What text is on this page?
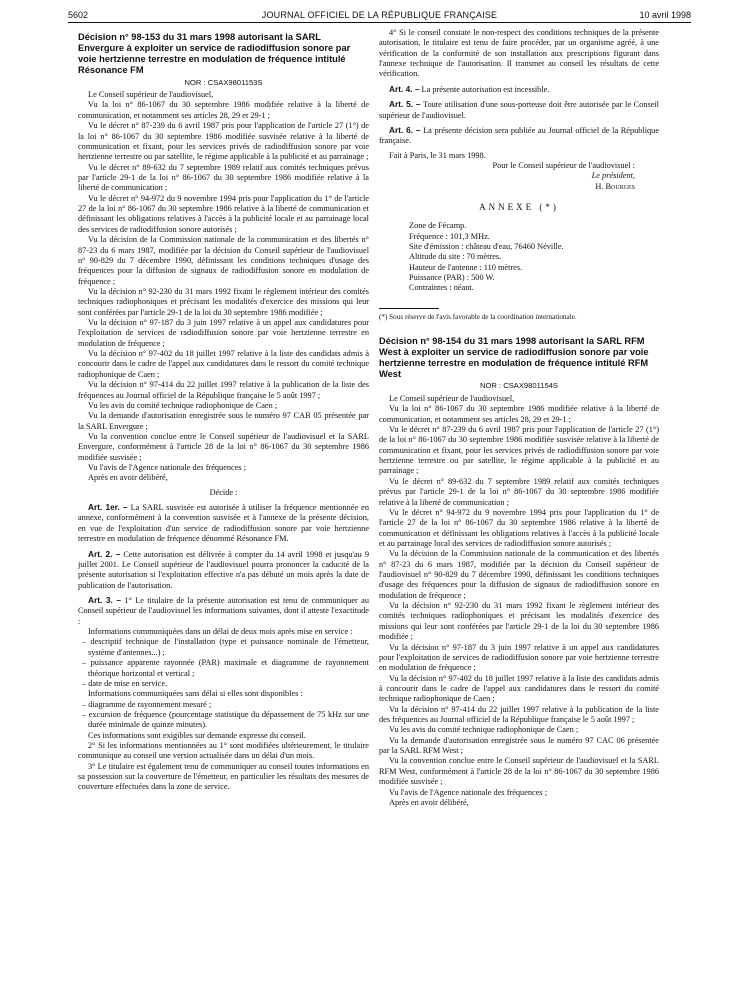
5602	JOURNAL OFFICIEL DE LA RÉPUBLIQUE FRANÇAISE	10 avril 1998
Décision n° 98-153 du 31 mars 1998 autorisant la SARL Envergure à exploiter un service de radiodiffusion sonore par voie hertzienne terrestre en modulation de fréquence intitulé Résonance FM
NOR : CSAX9801153S

Le Conseil supérieur de l'audiovisuel,

Vu la loi n° 86-1067 du 30 septembre 1986 modifiée relative à la liberté de communication, et notamment ses articles 28, 29 et 29-1 ;

Vu le décret n° 87-239 du 6 avril 1987 pris pour l'application de l'article 27 (1°) de la loi n° 86-1067 du 30 septembre 1986 modifiée susvisée relative à la liberté de communication et fixant, pour les services privés de radiodiffusion sonore par voie hertzienne terrestre ou par satellite, le régime applicable à la publicité et au parrainage ;

Vu le décret n° 89-632 du 7 septembre 1989 relatif aux comités techniques prévus par l'article 29-1 de la loi n° 86-1067 du 30 septembre 1986 modifiée relative à la liberté de communication ;

Vu le décret n° 94-972 du 9 novembre 1994 pris pour l'application du 1° de l'article 27 de la loi n° 86-1067 du 30 septembre 1986 relative à la liberté de communication et définissant les obligations relatives à l'accès à la publicité locale et au parrainage local des services de radiodiffusion sonore autorisés ;

Vu la décision de la Commission nationale de la communication et des libertés n° 87-23 du 6 mars 1987, modifiée par la décision du Conseil supérieur de l'audiovisuel n° 90-829 du 7 décembre 1990, définissant les conditions techniques d'usage des fréquences pour la diffusion de signaux de radiodiffusion sonore en modulation de fréquence ;

Vu la décision n° 92-230 du 31 mars 1992 fixant le règlement intérieur des comités techniques radiophoniques et précisant les modalités d'exercice des missions qui leur sont conférées par l'article 29-1 de la loi du 30 septembre 1986 modifiée ;

Vu la décision n° 97-187 du 3 juin 1997 relative à un appel aux candidatures pour l'exploitation de services de radiodiffusion sonore par voie hertzienne terrestre en modulation de fréquence ;

Vu la décision n° 97-402 du 18 juillet 1997 relative à la liste des candidats admis à concourir dans le cadre de l'appel aux candidatures dans le ressort du comité technique radiophonique de Caen ;

Vu la décision n° 97-414 du 22 juillet 1997 relative à la publication de la liste des fréquences au Journal officiel de la République française le 5 août 1997 ;

Vu les avis du comité technique radiophonique de Caen ;

Vu la demande d'autorisation enregistrée sous le numéro 97 CAB 05 présentée par la SARL Envergure ;

Vu la convention conclue entre le Conseil supérieur de l'audiovisuel et la SARL Envergure, conformément à l'article 28 de la loi n° 86-1067 du 30 septembre 1986 modifiée susvisée ;

Vu l'avis de l'Agence nationale des fréquences ;

Après en avoir délibéré,

Décide :

Art. 1er. – La SARL susvisée est autorisée à utiliser la fréquence mentionnée en annexe, conformément à la convention susvisée et à l'annexe de la présente décision, en vue de l'exploitation d'un service de radiodiffusion sonore par voie hertzienne terrestre en modulation de fréquence dénommé Résonance FM.

Art. 2. – Cette autorisation est délivrée à compter du 14 avril 1998 et jusqu'au 9 juillet 2001. Le Conseil supérieur de l'audiovisuel pourra prononcer la caducité de la présente autorisation si l'exploitation effective n'a pas débuté un mois après la date de publication de l'autorisation.

Art. 3. – 1° Le titulaire de la présente autorisation est tenu de communiquer au Conseil supérieur de l'audiovisuel les informations suivantes, dont il atteste l'exactitude :

Informations communiquées dans un délai de deux mois après mise en service :

– descriptif technique de l'installation (type et puissance nominale de l'émetteur, système d'antennes...) ;

– puissance apparente rayonnée (PAR) maximale et diagramme de rayonnement théorique horizontal et vertical ;

– date de mise en service.

Informations communiquées sans délai si elles sont disponibles :

– diagramme de rayonnement mesuré ;

– excursion de fréquence (pourcentage statistique du dépassement de 75 kHz sur une durée minimale de quinze minutes).

Ces informations sont exigibles sur demande expresse du conseil.

2° Si les informations mentionnées au 1° sont modifiées ultérieurement, le titulaire communique au conseil une version actualisée dans un délai d'un mois.

3° Le titulaire est également tenu de communiquer au conseil toutes informations en sa possession sur la couverture de l'émetteur, en particulier les résultats des mesures de couverture effectuées dans la zone de service.

4° Si le conseil constate le non-respect des conditions techniques de la présente autorisation, le titulaire est tenu de faire procéder, par un organisme agréé, à une vérification de la conformité de son installation aux prescriptions figurant dans l'annexe technique de l'autorisation. Il transmet au conseil les résultats de cette vérification.

Art. 4. – La présente autorisation est incessible.

Art. 5. – Toute utilisation d'une sous-porteuse doit être autorisée par le Conseil supérieur de l'audiovisuel.

Art. 6. – La présente décision sera publiée au Journal officiel de la République française.

Fait à Paris, le 31 mars 1998.

Pour le Conseil supérieur de l'audiovisuel :

Le président,

H. Bourges

ANNEXE (*)

Zone de Fécamp.

Fréquence : 101,3 MHz.

Site d'émission : château d'eau, 76460 Néville.

Altitude du site : 70 mètres.

Hauteur de l'antenne : 110 mètres.

Puissance (PAR) : 500 W.

Contraintes : néant.

(*) Sous réserve de l'avis favorable de la coordination internationale.

Décision n° 98-154 du 31 mars 1998 autorisant la SARL RFM West à exploiter un service de radiodiffusion sonore par voie hertzienne terrestre en modulation de fréquence intitulé RFM West
NOR : CSAX9801154S

Le Conseil supérieur de l'audiovisuel,

Vu la loi n° 86-1067 du 30 septembre 1986 modifiée relative à la liberté de communication, et notamment ses articles 28, 29 et 29-1 ;

Vu le décret n° 87-239 du 6 avril 1987 pris pour l'application de l'article 27 (1°) de la loi n° 86-1067 du 30 septembre 1986 modifiée susvisée relative à la liberté de communication et fixant, pour les services privés de radiodiffusion sonore par voie hertzienne terrestre ou par satellite, le régime applicable à la publicité et au parrainage ;

Vu le décret n° 89-632 du 7 septembre 1989 relatif aux comités techniques prévus par l'article 29-1 de la loi n° 86-1067 du 30 septembre 1986 modifiée relative à la liberté de communication ;

Vu le décret n° 94-972 du 9 novembre 1994 pris pour l'application du 1° de l'article 27 de la loi n° 86-1067 du 30 septembre 1986 relative à la liberté de communication et définissant les obligations relatives à l'accès à la publicité locale et au parrainage local des services de radiodiffusion sonore autorisés ;

Vu la décision de la Commission nationale de la communication et des libertés n° 87-23 du 6 mars 1987, modifiée par la décision du Conseil supérieur de l'audiovisuel n° 90-829 du 7 décembre 1990, définissant les conditions techniques d'usage des fréquences pour la diffusion de signaux de radiodiffusion sonore en modulation de fréquence ;

Vu la décision n° 92-230 du 31 mars 1992 fixant le règlement intérieur des comités techniques radiophoniques et précisant les modalités d'exercice des missions qui leur sont conférées par l'article 29-1 de la loi du 30 septembre 1986 modifiée ;

Vu la décision n° 97-187 du 3 juin 1997 relative à un appel aux candidatures pour l'exploitation de services de radiodiffusion sonore par voie hertzienne terrestre en modulation de fréquence ;

Vu la décision n° 97-402 du 18 juillet 1997 relative à la liste des candidats admis à concourir dans le cadre de l'appel aux candidatures dans le ressort du comité technique radiophonique de Caen ;

Vu la décision n° 97-414 du 22 juillet 1997 relative à la publication de la liste des fréquences au Journal officiel de la République française le 5 août 1997 ;

Vu les avis du comité technique radiophonique de Caen ;

Vu la demande d'autorisation enregistrée sous le numéro 97 CAC 06 présentée par la SARL RFM West ;

Vu la convention conclue entre le Conseil supérieur de l'audiovisuel et la SARL RFM West, conformément à l'article 28 de la loi n° 86-1067 du 30 septembre 1986 modifiée susvisée ;

Vu l'avis de l'Agence nationale des fréquences ;

Après en avoir délibéré,
